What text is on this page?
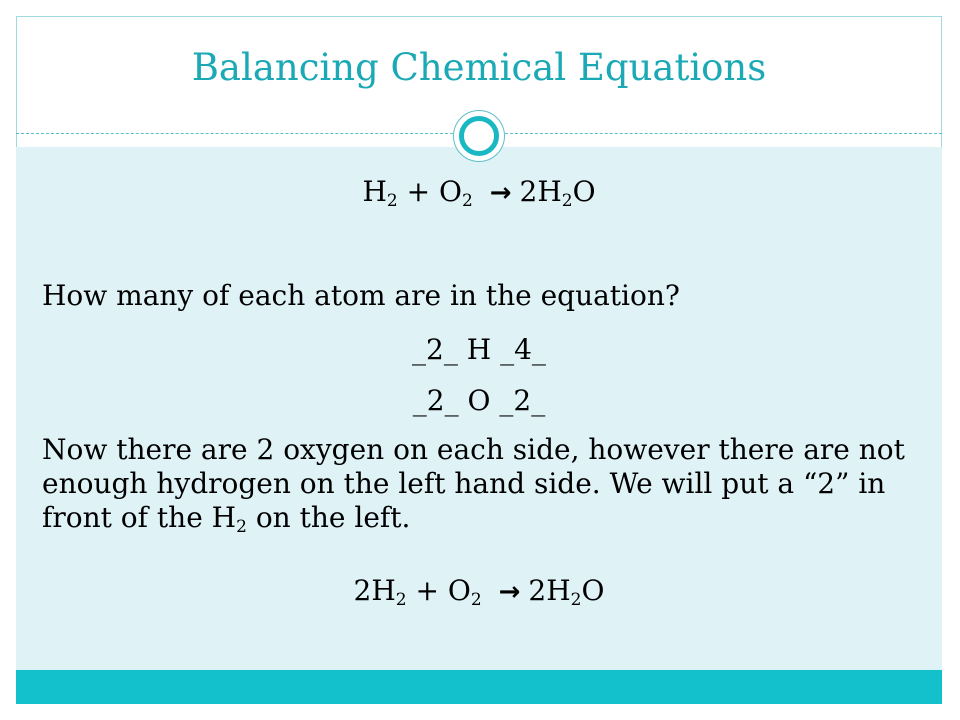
Balancing Chemical Equations
$H_2 + O_2 \to 2H_2O$
How many of each atom are in the equation?
_2_ H _4_
_2_ O _2_
Now there are 2 oxygen on each side, however there are not enough hydrogen on the left hand side. We will put a “2” in front of the $H_2$ on the left.
$2H_2 + O_2 \to 2H_2O$
